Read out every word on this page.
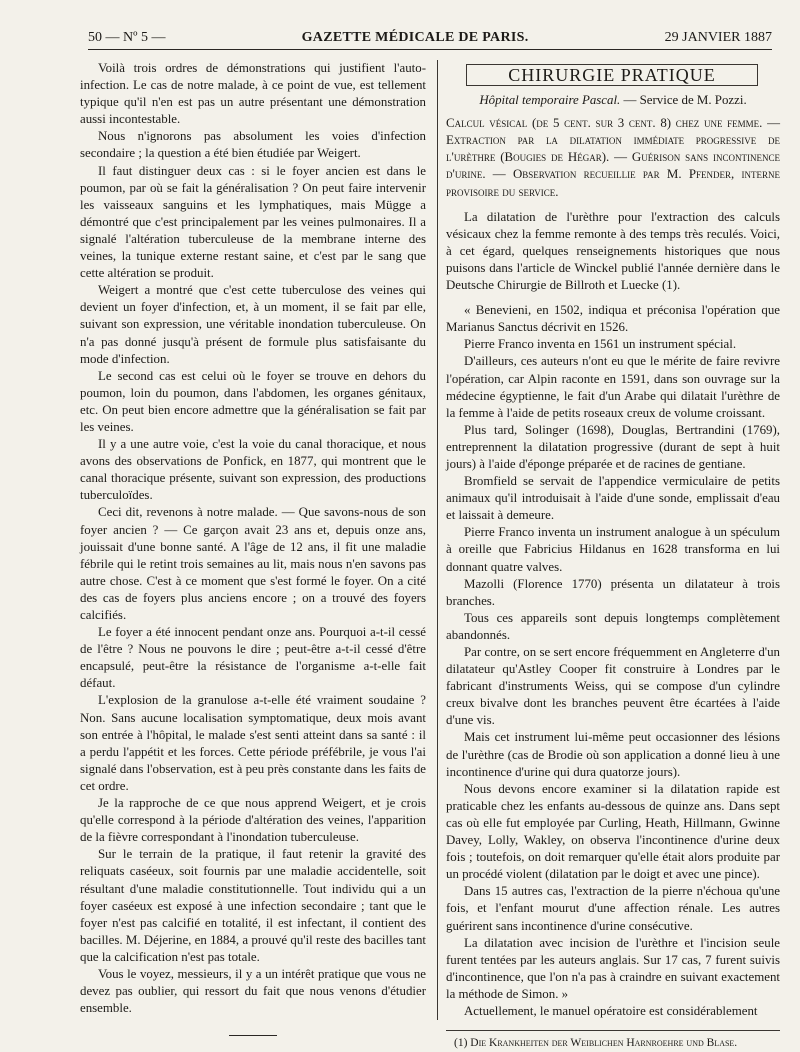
50 — Nº 5 —	GAZETTE MÉDICALE DE PARIS.	29 JANVIER 1887

Voilà trois ordres de démonstrations qui justifient l'auto-infection. Le cas de notre malade, à ce point de vue, est tellement typique qu'il n'en est pas un autre présentant une démonstration aussi incontestable.

Nous n'ignorons pas absolument les voies d'infection secondaire ; la question a été bien étudiée par Weigert.

Il faut distinguer deux cas : si le foyer ancien est dans le poumon, par où se fait la généralisation ? On peut faire intervenir les vaisseaux sanguins et les lymphatiques, mais Mügge a démontré que c'est principalement par les veines pulmonaires. Il a signalé l'altération tuberculeuse de la membrane interne des veines, la tunique externe restant saine, et c'est par le sang que cette altération se produit.

Weigert a montré que c'est cette tuberculose des veines qui devient un foyer d'infection, et, à un moment, il se fait par elle, suivant son expression, une véritable inondation tuberculeuse. On n'a pas donné jusqu'à présent de formule plus satisfaisante du mode d'infection.

Le second cas est celui où le foyer se trouve en dehors du poumon, loin du poumon, dans l'abdomen, les organes génitaux, etc. On peut bien encore admettre que la généralisation se fait par les veines.

Il y a une autre voie, c'est la voie du canal thoracique, et nous avons des observations de Ponfick, en 1877, qui montrent que le canal thoracique présente, suivant son expression, des productions tuberculoïdes.

Ceci dit, revenons à notre malade. — Que savons-nous de son foyer ancien ? — Ce garçon avait 23 ans et, depuis onze ans, jouissait d'une bonne santé. A l'âge de 12 ans, il fit une maladie fébrile qui le retint trois semaines au lit, mais nous n'en savons pas autre chose. C'est à ce moment que s'est formé le foyer. On a cité des cas de foyers plus anciens encore ; on a trouvé des foyers calcifiés.

Le foyer a été innocent pendant onze ans. Pourquoi a-t-il cessé de l'être ? Nous ne pouvons le dire ; peut-être a-t-il cessé d'être encapsulé, peut-être la résistance de l'organisme a-t-elle fait défaut.

L'explosion de la granulose a-t-elle été vraiment soudaine ? Non. Sans aucune localisation symptomatique, deux mois avant son entrée à l'hôpital, le malade s'est senti atteint dans sa santé : il a perdu l'appétit et les forces. Cette période préfébrile, je vous l'ai signalé dans l'observation, est à peu près constante dans les faits de cet ordre.

Je la rapproche de ce que nous apprend Weigert, et je crois qu'elle correspond à la période d'altération des veines, l'apparition de la fièvre correspondant à l'inondation tuberculeuse.

Sur le terrain de la pratique, il faut retenir la gravité des reliquats caséeux, soit fournis par une maladie accidentelle, soit résultant d'une maladie constitutionnelle. Tout individu qui a un foyer caséeux est exposé à une infection secondaire ; tant que le foyer n'est pas calcifié en totalité, il est infectant, il contient des bacilles. M. Déjerine, en 1884, a prouvé qu'il reste des bacilles tant que la calcification n'est pas totale.

Vous le voyez, messieurs, il y a un intérêt pratique que vous ne devez pas oublier, qui ressort du fait que nous venons d'étudier ensemble.

CHIRURGIE PRATIQUE

Hôpital temporaire Pascal. — Service de M. Pozzi.

Calcul vésical (de 5 cent. sur 3 cent. 8) chez une femme. — Extraction par la dilatation immédiate progressive de l'urèthre (Bougies de Hégar). — Guérison sans incontinence d'urine. — Observation recueillie par M. Pfender, interne provisoire du service.

La dilatation de l'urèthre pour l'extraction des calculs vésicaux chez la femme remonte à des temps très reculés. Voici, à cet égard, quelques renseignements historiques que nous puisons dans l'article de Winckel publié l'année dernière dans le Deutsche Chirurgie de Billroth et Luecke (1).

« Benevieni, en 1502, indiqua et préconisa l'opération que Marianus Sanctus décrivit en 1526.

Pierre Franco inventa en 1561 un instrument spécial.

D'ailleurs, ces auteurs n'ont eu que le mérite de faire revivre l'opération, car Alpin raconte en 1591, dans son ouvrage sur la médecine égyptienne, le fait d'un Arabe qui dilatait l'urèthre de la femme à l'aide de petits roseaux creux de volume croissant.

Plus tard, Solinger (1698), Douglas, Bertrandini (1769), entreprennent la dilatation progressive (durant de sept à huit jours) à l'aide d'éponge préparée et de racines de gentiane.

Bromfield se servait de l'appendice vermiculaire de petits animaux qu'il introduisait à l'aide d'une sonde, emplissait d'eau et laissait à demeure.

Pierre Franco inventa un instrument analogue à un spéculum à oreille que Fabricius Hildanus en 1628 transforma en lui donnant quatre valves.

Mazolli (Florence 1770) présenta un dilatateur à trois branches.

Tous ces appareils sont depuis longtemps complètement abandonnés.

Par contre, on se sert encore fréquemment en Angleterre d'un dilatateur qu'Astley Cooper fit construire à Londres par le fabricant d'instruments Weiss, qui se compose d'un cylindre creux bivalve dont les branches peuvent être écartées à l'aide d'une vis.

Mais cet instrument lui-même peut occasionner des lésions de l'urèthre (cas de Brodie où son application a donné lieu à une incontinence d'urine qui dura quatorze jours).

Nous devons encore examiner si la dilatation rapide est praticable chez les enfants au-dessous de quinze ans. Dans sept cas où elle fut employée par Curling, Heath, Hillmann, Gwinne Davey, Lolly, Wakley, on observa l'incontinence d'urine deux fois ; toutefois, on doit remarquer qu'elle était alors produite par un procédé violent (dilatation par le doigt et avec une pince).

Dans 15 autres cas, l'extraction de la pierre n'échoua qu'une fois, et l'enfant mourut d'une affection rénale. Les autres guérirent sans incontinence d'urine consécutive.

La dilatation avec incision de l'urèthre et l'incision seule furent tentées par les auteurs anglais. Sur 17 cas, 7 furent suivis d'incontinence, que l'on n'a pas à craindre en suivant exactement la méthode de Simon. »

Actuellement, le manuel opératoire est considérablement

(1) Die Krankheiten der Weiblichen Harnroehre und Blase.
